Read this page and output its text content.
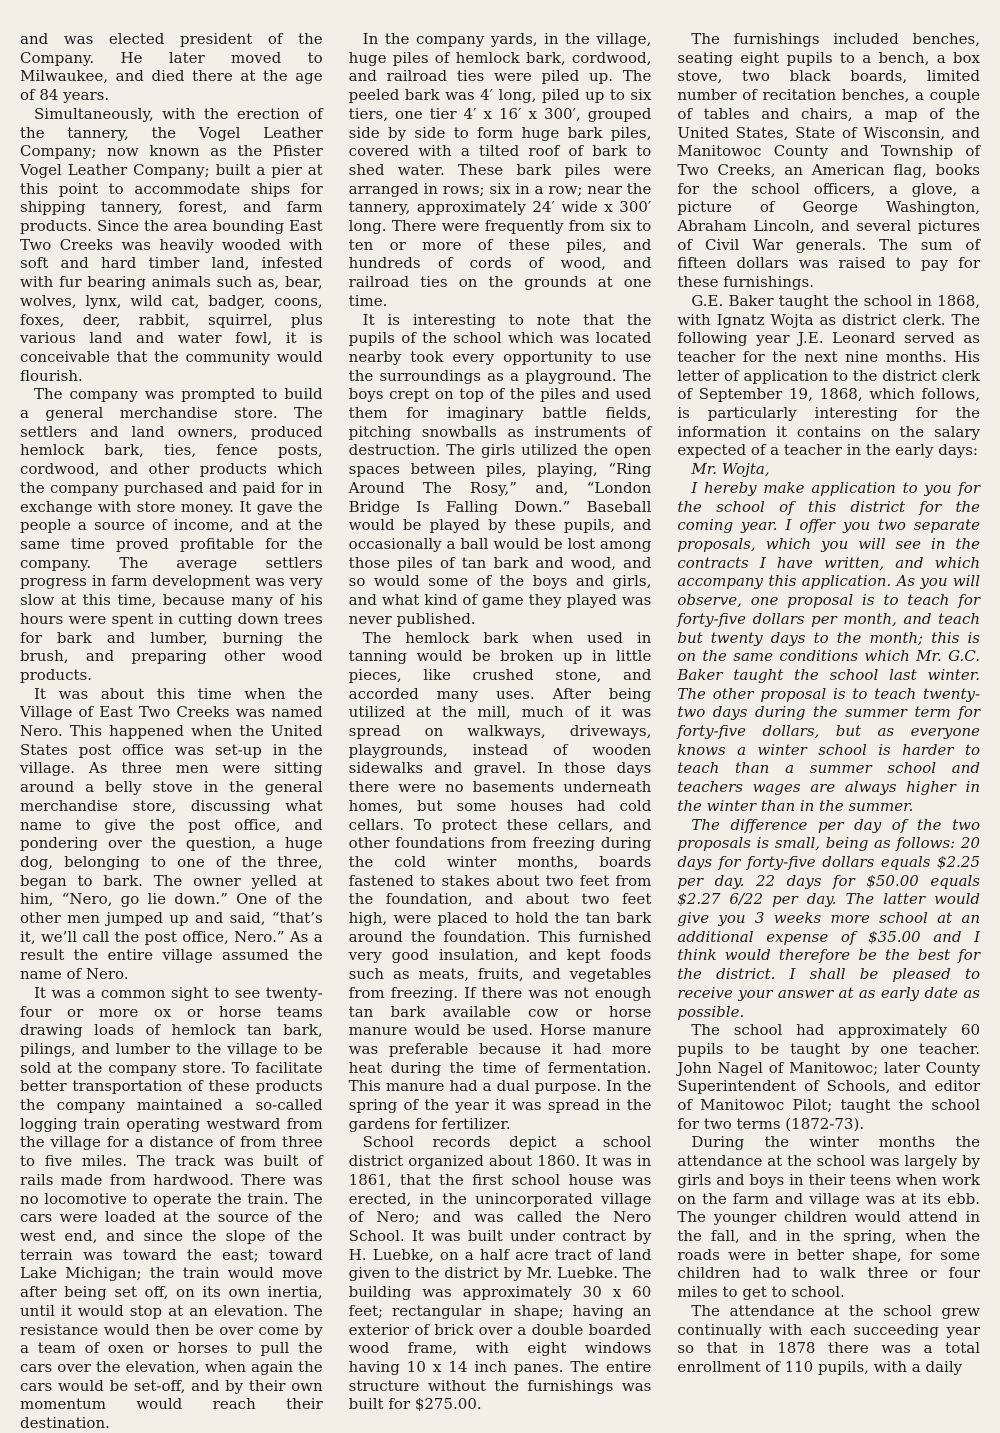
and was elected president of the Company. He later moved to Milwaukee, and died there at the age of 84 years.

Simultaneously, with the erection of the tannery, the Vogel Leather Company; now known as the Pfister Vogel Leather Company; built a pier at this point to accommodate ships for shipping tannery, forest, and farm products. Since the area bounding East Two Creeks was heavily wooded with soft and hard timber land, infested with fur bearing animals such as, bear, wolves, lynx, wild cat, badger, coons, foxes, deer, rabbit, squirrel, plus various land and water fowl, it is conceivable that the community would flourish.

The company was prompted to build a general merchandise store. The settlers and land owners, produced hemlock bark, ties, fence posts, cordwood, and other products which the company purchased and paid for in exchange with store money. It gave the people a source of income, and at the same time proved profitable for the company. The average settlers progress in farm development was very slow at this time, because many of his hours were spent in cutting down trees for bark and lumber, burning the brush, and preparing other wood products.

It was about this time when the Village of East Two Creeks was named Nero. This happened when the United States post office was set-up in the village. As three men were sitting around a belly stove in the general merchandise store, discussing what name to give the post office, and pondering over the question, a huge dog, belonging to one of the three, began to bark. The owner yelled at him, “Nero, go lie down.” One of the other men jumped up and said, “that’s it, we’ll call the post office, Nero.” As a result the entire village assumed the name of Nero.

It was a common sight to see twenty-four or more ox or horse teams drawing loads of hemlock tan bark, pilings, and lumber to the village to be sold at the company store. To facilitate better transportation of these products the company maintained a so-called logging train operating westward from the village for a distance of from three to five miles. The track was built of rails made from hardwood. There was no locomotive to operate the train. The cars were loaded at the source of the west end, and since the slope of the terrain was toward the east; toward Lake Michigan; the train would move after being set off, on its own inertia, until it would stop at an elevation. The resistance would then be over come by a team of oxen or horses to pull the cars over the elevation, when again the cars would be set-off, and by their own momentum would reach their destination.

In the company yards, in the village, huge piles of hemlock bark, cordwood, and railroad ties were piled up. The peeled bark was 4′ long, piled up to six tiers, one tier 4′ x 16′ x 300′, grouped side by side to form huge bark piles, covered with a tilted roof of bark to shed water. These bark piles were arranged in rows; six in a row; near the tannery, approximately 24′ wide x 300′ long. There were frequently from six to ten or more of these piles, and hundreds of cords of wood, and railroad ties on the grounds at one time.

It is interesting to note that the pupils of the school which was located nearby took every opportunity to use the surroundings as a playground. The boys crept on top of the piles and used them for imaginary battle fields, pitching snowballs as instruments of destruction. The girls utilized the open spaces between piles, playing, “Ring Around The Rosy,” and, “London Bridge Is Falling Down.” Baseball would be played by these pupils, and occasionally a ball would be lost among those piles of tan bark and wood, and so would some of the boys and girls, and what kind of game they played was never published.

The hemlock bark when used in tanning would be broken up in little pieces, like crushed stone, and accorded many uses. After being utilized at the mill, much of it was spread on walkways, driveways, playgrounds, instead of wooden sidewalks and gravel. In those days there were no basements underneath homes, but some houses had cold cellars. To protect these cellars, and other foundations from freezing during the cold winter months, boards fastened to stakes about two feet from the foundation, and about two feet high, were placed to hold the tan bark around the foundation. This furnished very good insulation, and kept foods such as meats, fruits, and vegetables from freezing. If there was not enough tan bark available cow or horse manure would be used. Horse manure was preferable because it had more heat during the time of fermentation. This manure had a dual purpose. In the spring of the year it was spread in the gardens for fertilizer.

School records depict a school district organized about 1860. It was in 1861, that the first school house was erected, in the unincorporated village of Nero; and was called the Nero School. It was built under contract by H. Luebke, on a half acre tract of land given to the district by Mr. Luebke. The building was approximately 30 x 60 feet; rectangular in shape; having an exterior of brick over a double boarded wood frame, with eight windows having 10 x 14 inch panes. The entire structure without the furnishings was built for $275.00.

The furnishings included benches, seating eight pupils to a bench, a box stove, two black boards, limited number of recitation benches, a couple of tables and chairs, a map of the United States, State of Wisconsin, and Manitowoc County and Township of Two Creeks, an American flag, books for the school officers, a glove, a picture of George Washington, Abraham Lincoln, and several pictures of Civil War generals. The sum of fifteen dollars was raised to pay for these furnishings.

G.E. Baker taught the school in 1868, with Ignatz Wojta as district clerk. The following year J.E. Leonard served as teacher for the next nine months. His letter of application to the district clerk of September 19, 1868, which follows, is particularly interesting for the information it contains on the salary expected of a teacher in the early days:

Mr. Wojta,

I hereby make application to you for the school of this district for the coming year. I offer you two separate proposals, which you will see in the contracts I have written, and which accompany this application. As you will observe, one proposal is to teach for forty-five dollars per month, and teach but twenty days to the month; this is on the same conditions which Mr. G.C. Baker taught the school last winter. The other proposal is to teach twenty-two days during the summer term for forty-five dollars, but as everyone knows a winter school is harder to teach than a summer school and teachers wages are always higher in the winter than in the summer.

The difference per day of the two proposals is small, being as follows: 20 days for forty-five dollars equals $2.25 per day. 22 days for $50.00 equals $2.27 6/22 per day. The latter would give you 3 weeks more school at an additional expense of $35.00 and I think would therefore be the best for the district. I shall be pleased to receive your answer at as early date as possible.

The school had approximately 60 pupils to be taught by one teacher. John Nagel of Manitowoc; later County Superintendent of Schools, and editor of Manitowoc Pilot; taught the school for two terms (1872-73).

During the winter months the attendance at the school was largely by girls and boys in their teens when work on the farm and village was at its ebb. The younger children would attend in the fall, and in the spring, when the roads were in better shape, for some children had to walk three or four miles to get to school.

The attendance at the school grew continually with each succeeding year so that in 1878 there was a total enrollment of 110 pupils, with a daily
